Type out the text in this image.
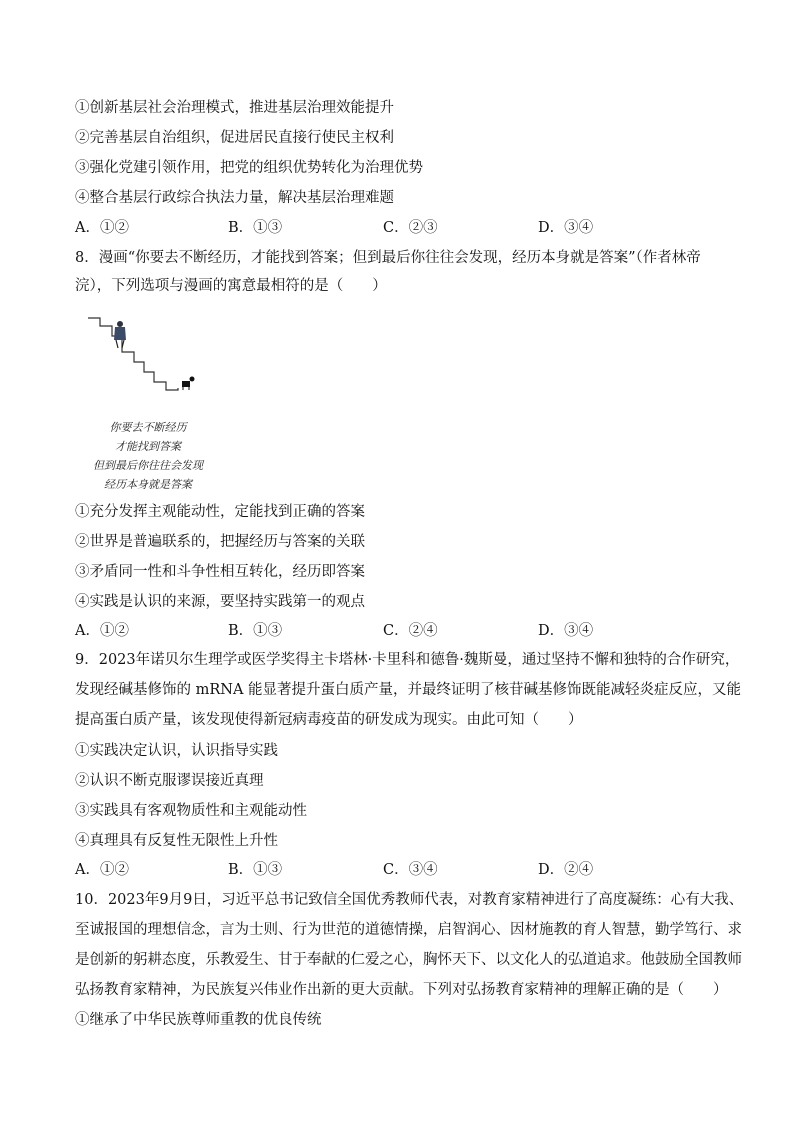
①创新基层社会治理模式，推进基层治理效能提升
②完善基层自治组织，促进居民直接行使民主权利
③强化党建引领作用，把党的组织优势转化为治理优势
④整合基层行政综合执法力量，解决基层治理难题
A．①②	B．①③	C．②③	D．③④
8．漫画“你要去不断经历，才能找到答案；但到最后你往往会发现，经历本身就是答案”（作者林帝
浣），下列选项与漫画的寓意最相符的是（　　）
你要去不断经历
才能找到答案
但到最后你往往会发现
经历本身就是答案
①充分发挥主观能动性，定能找到正确的答案
②世界是普遍联系的，把握经历与答案的关联
③矛盾同一性和斗争性相互转化，经历即答案
④实践是认识的来源，要坚持实践第一的观点
A．①②	B．①③	C．②④	D．③④
9．2023年诺贝尔生理学或医学奖得主卡塔林·卡里科和德鲁·魏斯曼，通过坚持不懈和独特的合作研究，
发现经碱基修饰的 mRNA 能显著提升蛋白质产量，并最终证明了核苷碱基修饰既能减轻炎症反应，又能
提高蛋白质产量，该发现使得新冠病毒疫苗的研发成为现实。由此可知（　　）
①实践决定认识，认识指导实践
②认识不断克服谬误接近真理
③实践具有客观物质性和主观能动性
④真理具有反复性无限性上升性
A．①②	B．①③	C．③④	D．②④
10．2023年9月9日，习近平总书记致信全国优秀教师代表，对教育家精神进行了高度凝练：心有大我、
至诚报国的理想信念，言为士则、行为世范的道德情操，启智润心、因材施教的育人智慧，勤学笃行、求
是创新的躬耕态度，乐教爱生、甘于奉献的仁爱之心，胸怀天下、以文化人的弘道追求。他鼓励全国教师
弘扬教育家精神，为民族复兴伟业作出新的更大贡献。下列对弘扬教育家精神的理解正确的是（　　）
①继承了中华民族尊师重教的优良传统
